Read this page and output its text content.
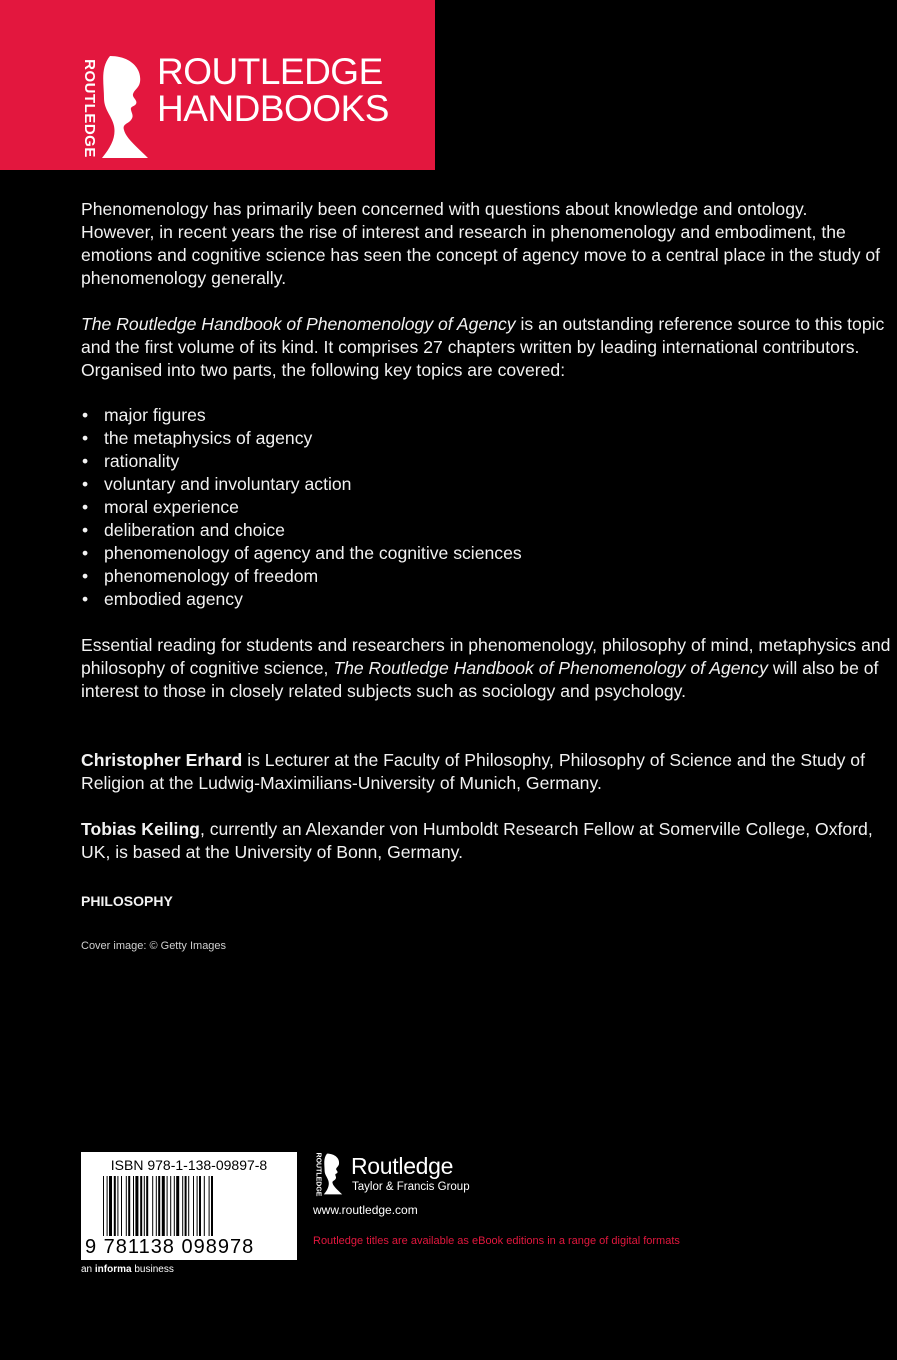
ROUTLEDGE ROUTLEDGE
HANDBOOKS

Phenomenology has primarily been concerned with questions about knowledge and ontology. However, in recent years the rise of interest and research in phenomenology and embodiment, the emotions and cognitive science has seen the concept of agency move to a central place in the study of phenomenology generally.

The Routledge Handbook of Phenomenology of Agency is an outstanding reference source to this topic and the first volume of its kind. It comprises 27 chapters written by leading international contributors. Organised into two parts, the following key topics are covered:

• major figures
• the metaphysics of agency
• rationality
• voluntary and involuntary action
• moral experience
• deliberation and choice
• phenomenology of agency and the cognitive sciences
• phenomenology of freedom
• embodied agency

Essential reading for students and researchers in phenomenology, philosophy of mind, metaphysics and philosophy of cognitive science, The Routledge Handbook of Phenomenology of Agency will also be of interest to those in closely related subjects such as sociology and psychology.

Christopher Erhard is Lecturer at the Faculty of Philosophy, Philosophy of Science and the Study of Religion at the Ludwig-Maximilians-University of Munich, Germany.

Tobias Keiling, currently an Alexander von Humboldt Research Fellow at Somerville College, Oxford, UK, is based at the University of Bonn, Germany.

PHILOSOPHY
Cover image: © Getty Images
ISBN 978-1-138-09897-8
9 781138 098978
an informa business
ROUTLEDGE Routledge
Taylor & Francis Group
www.routledge.com
Routledge titles are available as eBook editions in a range of digital formats
